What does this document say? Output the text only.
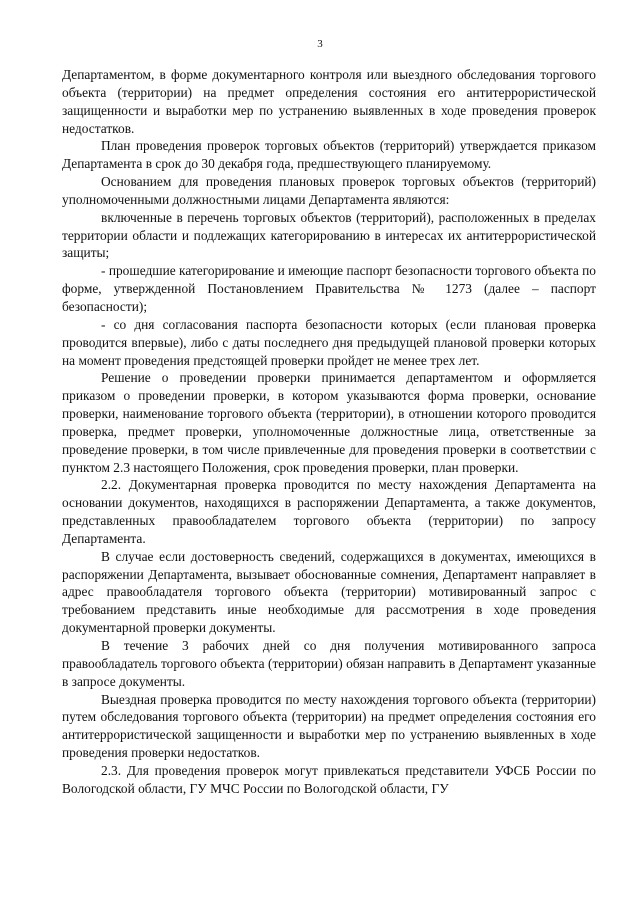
3

Департаментом, в форме документарного контроля или выездного обследования торгового объекта (территории) на предмет определения состояния его антитеррористической защищенности и выработки мер по устранению выявленных в ходе проведения проверок недостатков.

План проведения проверок торговых объектов (территорий) утверждается приказом Департамента в срок до 30 декабря года, предшествующего планируемому.

Основанием для проведения плановых проверок торговых объектов (территорий) уполномоченными должностными лицами Департамента являются:

включенные в перечень торговых объектов (территорий), расположенных в пределах территории области и подлежащих категорированию в интересах их антитеррористической защиты;

- прошедшие категорирование и имеющие паспорт безопасности торгового объекта по форме, утвержденной Постановлением Правительства № 1273 (далее – паспорт безопасности);

- со дня согласования паспорта безопасности которых (если плановая проверка проводится впервые), либо с даты последнего дня предыдущей плановой проверки которых на момент проведения предстоящей проверки пройдет не менее трех лет.

Решение о проведении проверки принимается департаментом и оформляется приказом о проведении проверки, в котором указываются форма проверки, основание проверки, наименование торгового объекта (территории), в отношении которого проводится проверка, предмет проверки, уполномоченные должностные лица, ответственные за проведение проверки, в том числе привлеченные для проведения проверки в соответствии с пунктом 2.3 настоящего Положения, срок проведения проверки, план проверки.

2.2. Документарная проверка проводится по месту нахождения Департамента на основании документов, находящихся в распоряжении Департамента, а также документов, представленных правообладателем торгового объекта (территории) по запросу Департамента.

В случае если достоверность сведений, содержащихся в документах, имеющихся в распоряжении Департамента, вызывает обоснованные сомнения, Департамент направляет в адрес правообладателя торгового объекта (территории) мотивированный запрос с требованием представить иные необходимые для рассмотрения в ходе проведения документарной проверки документы.

В течение 3 рабочих дней со дня получения мотивированного запроса правообладатель торгового объекта (территории) обязан направить в Департамент указанные в запросе документы.

Выездная проверка проводится по месту нахождения торгового объекта (территории) путем обследования торгового объекта (территории) на предмет определения состояния его антитеррористической защищенности и выработки мер по устранению выявленных в ходе проведения проверки недостатков.

2.3. Для проведения проверок могут привлекаться представители УФСБ России по Вологодской области, ГУ МЧС России по Вологодской области, ГУ
